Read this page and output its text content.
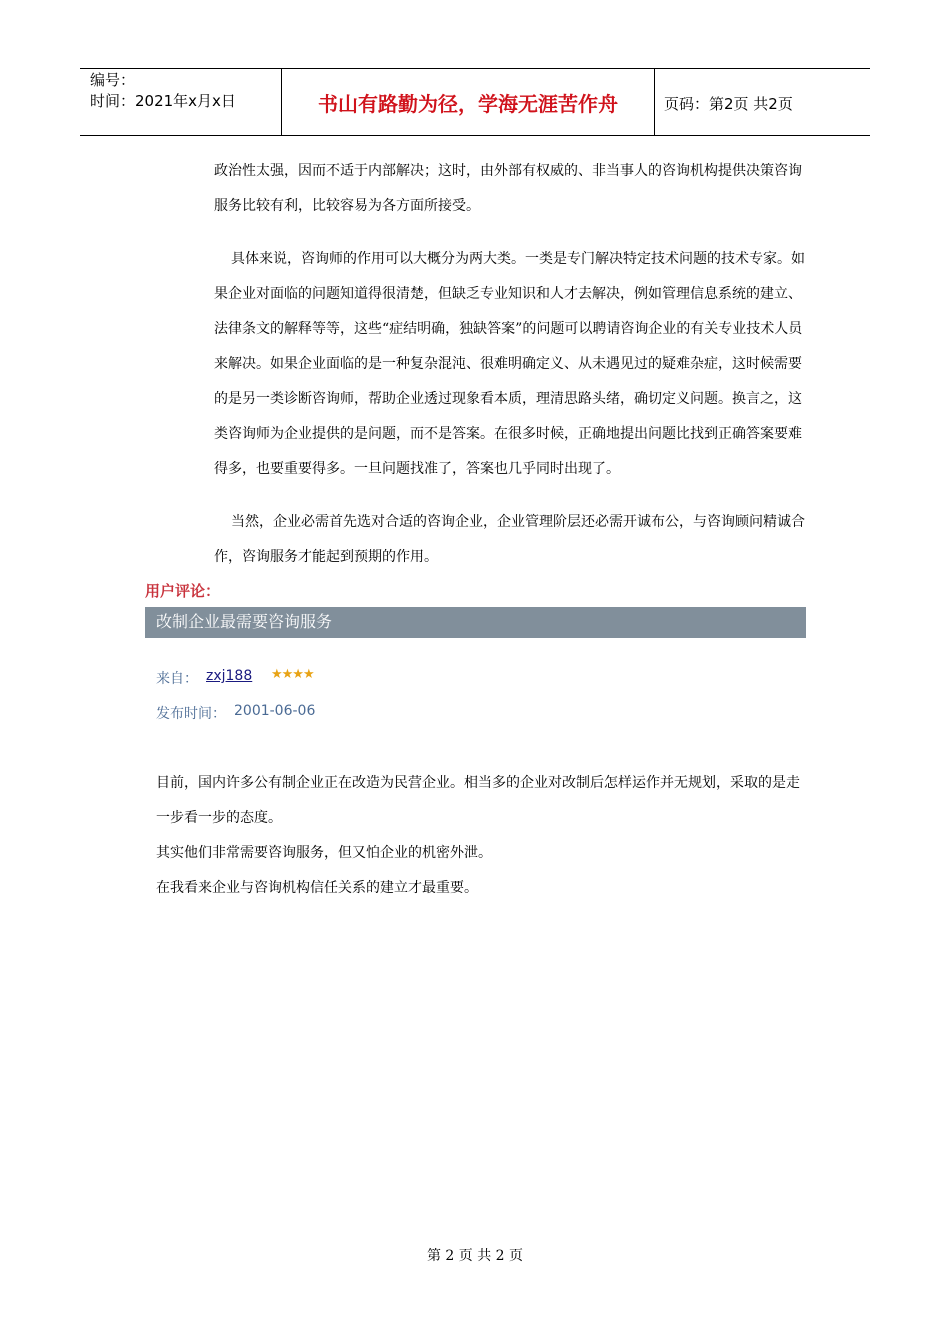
编号：
时间：2021年x月x日	书山有路勤为径，学海无涯苦作舟	页码：第2页 共2页
政治性太强，因而不适于内部解决；这时，由外部有权威的、非当事人的咨询机构提供决策咨询服务比较有利，比较容易为各方面所接受。
具体来说，咨询师的作用可以大概分为两大类。一类是专门解决特定技术问题的技术专家。如果企业对面临的问题知道得很清楚，但缺乏专业知识和人才去解决，例如管理信息系统的建立、法律条文的解释等等，这些“症结明确，独缺答案”的问题可以聘请咨询企业的有关专业技术人员来解决。如果企业面临的是一种复杂混沌、很难明确定义、从未遇见过的疑难杂症，这时候需要的是另一类诊断咨询师，帮助企业透过现象看本质，理清思路头绪，确切定义问题。换言之，这类咨询师为企业提供的是问题，而不是答案。在很多时候，正确地提出问题比找到正确答案要难得多，也要重要得多。一旦问题找准了，答案也几乎同时出现了。
当然，企业必需首先选对合适的咨询企业，企业管理阶层还必需开诚布公，与咨询顾问精诚合作，咨询服务才能起到预期的作用。
用户评论：
改制企业最需要咨询服务
来自： zxj188 ★★★★
发布时间： 2001-06-06
目前，国内许多公有制企业正在改造为民营企业。相当多的企业对改制后怎样运作并无规划，采取的是走一步看一步的态度。
其实他们非常需要咨询服务，但又怕企业的机密外泄。
在我看来企业与咨询机构信任关系的建立才最重要。
第 2 页 共 2 页
